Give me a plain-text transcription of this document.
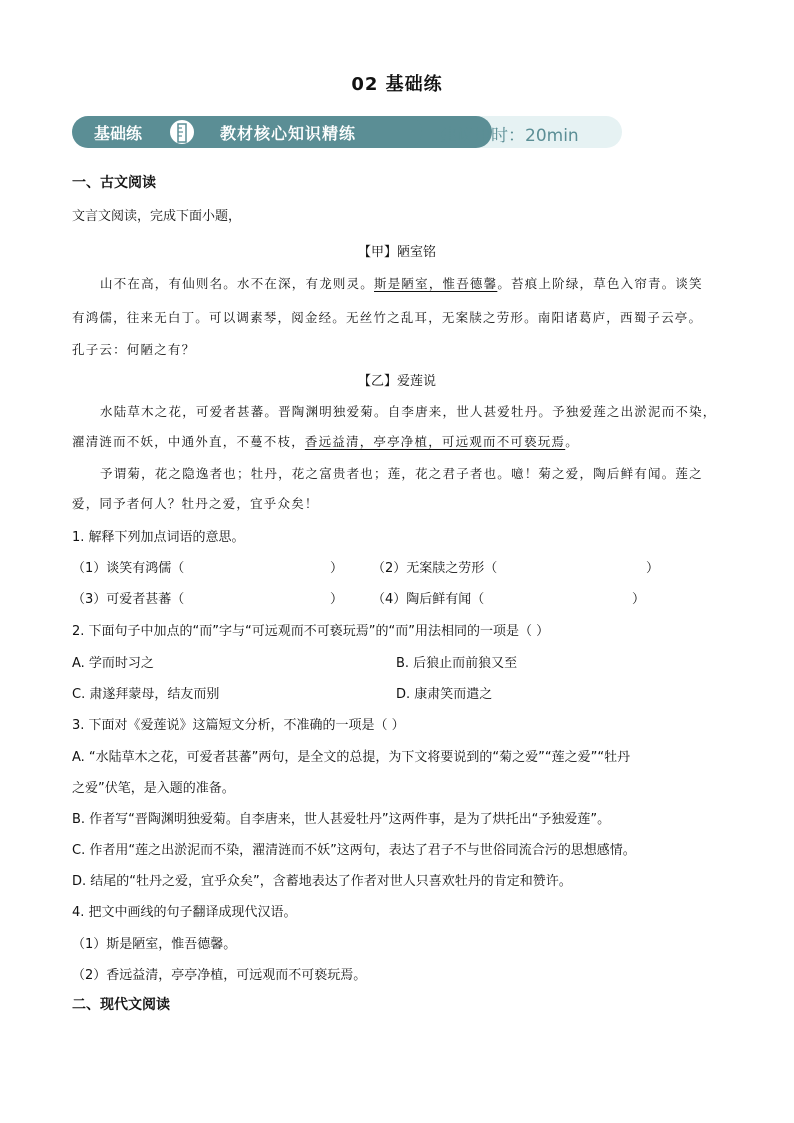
02 基础练
基础练	教材核心知识精练	建议用时：20min
一、古文阅读
文言文阅读，完成下面小题，
【甲】陋室铭
山不在高，有仙则名。水不在深，有龙则灵。斯是陋室，惟吾德馨。苔痕上阶绿，草色入帘青。谈笑
有鸿儒，往来无白丁。可以调素琴，阅金经。无丝竹之乱耳，无案牍之劳形。南阳诸葛庐，西蜀子云亭。
孔子云：何陋之有？
【乙】爱莲说
水陆草木之花，可爱者甚蕃。晋陶渊明独爱菊。自李唐来，世人甚爱牡丹。予独爱莲之出淤泥而不染，
濯清涟而不妖，中通外直，不蔓不枝，香远益清，亭亭净植，可远观而不可亵玩焉。
予谓菊，花之隐逸者也；牡丹，花之富贵者也；莲，花之君子者也。噫！菊之爱，陶后鲜有闻。莲之
爱，同予者何人？牡丹之爱，宜乎众矣！
1. 解释下列加点词语的意思。
（1）谈笑有鸿儒（	） （2）无案牍之劳形（	）
（3）可爱者甚蕃（	） （4）陶后鲜有闻（	）
2. 下面句子中加点的“而”字与“可远观而不可亵玩焉”的“而”用法相同的一项是（ ）
A. 学而时习之	B. 后狼止而前狼又至
C. 肃遂拜蒙母，结友而别	D. 康肃笑而遣之
3. 下面对《爱莲说》这篇短文分析，不准确的一项是（ ）
A. “水陆草木之花，可爱者甚蕃”两句，是全文的总提，为下文将要说到的“菊之爱”“莲之爱”“牡丹
之爱”伏笔，是入题的准备。
B. 作者写“晋陶渊明独爱菊。自李唐来，世人甚爱牡丹”这两件事，是为了烘托出“予独爱莲”。
C. 作者用“莲之出淤泥而不染，濯清涟而不妖”这两句，表达了君子不与世俗同流合污的思想感情。
D. 结尾的“牡丹之爱，宜乎众矣”，含蓄地表达了作者对世人只喜欢牡丹的肯定和赞许。
4. 把文中画线的句子翻译成现代汉语。
（1）斯是陋室，惟吾德馨。
（2）香远益清，亭亭净植，可远观而不可亵玩焉。
二、现代文阅读
